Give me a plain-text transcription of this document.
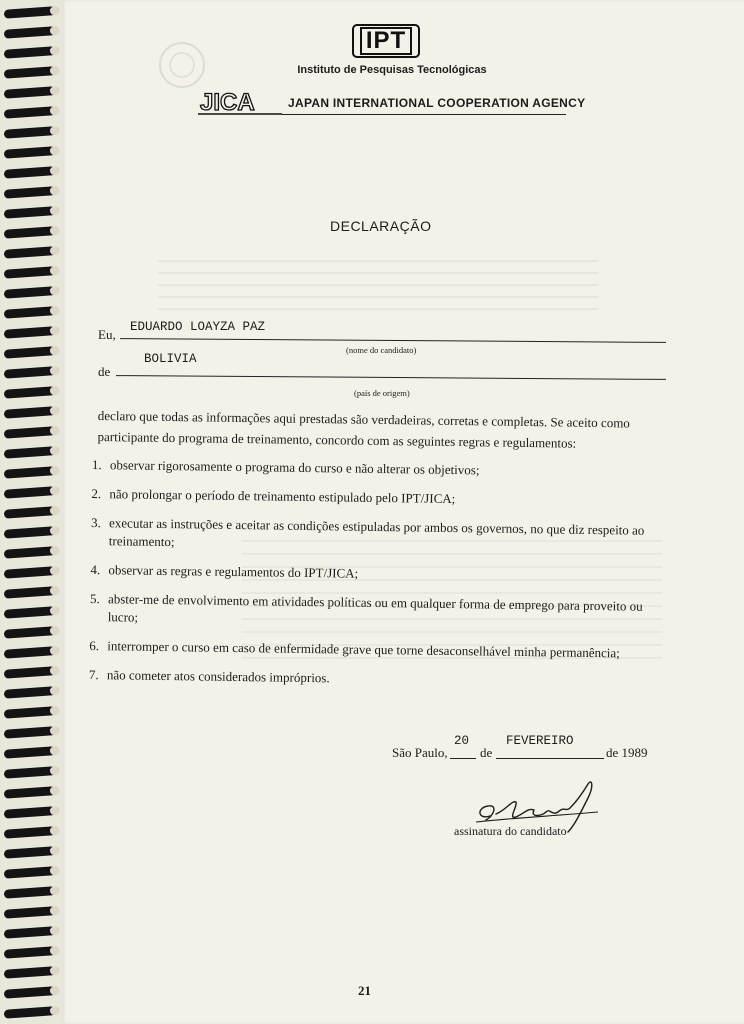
IPT
Instituto de Pesquisas Tecnológicas
JICA	JAPAN INTERNATIONAL COOPERATION AGENCY
DECLARAÇÃO
Eu, EDUARDO LOAYZA PAZ
(nome do candidato)
de
BOLIVIA
(país de origem)
declaro que todas as informações aqui prestadas são verdadeiras, corretas e completas. Se aceito como participante do programa de treinamento, concordo com as seguintes regras e regulamentos:
1. observar rigorosamente o programa do curso e não alterar os objetivos;
2. não prolongar o período de treinamento estipulado pelo IPT/JICA;
3. executar as instruções e aceitar as condições estipuladas por ambos os governos, no que diz respeito ao treinamento;
4. observar as regras e regulamentos do IPT/JICA;
5. abster-me de envolvimento em atividades políticas ou em qualquer forma de emprego para proveito ou lucro;
6. interromper o curso em caso de enfermidade grave que torne desaconselhável minha permanência;
7. não cometer atos considerados impróprios.
São Paulo,
20
de
FEVEREIRO
de 1989
assinatura do candidato
21
